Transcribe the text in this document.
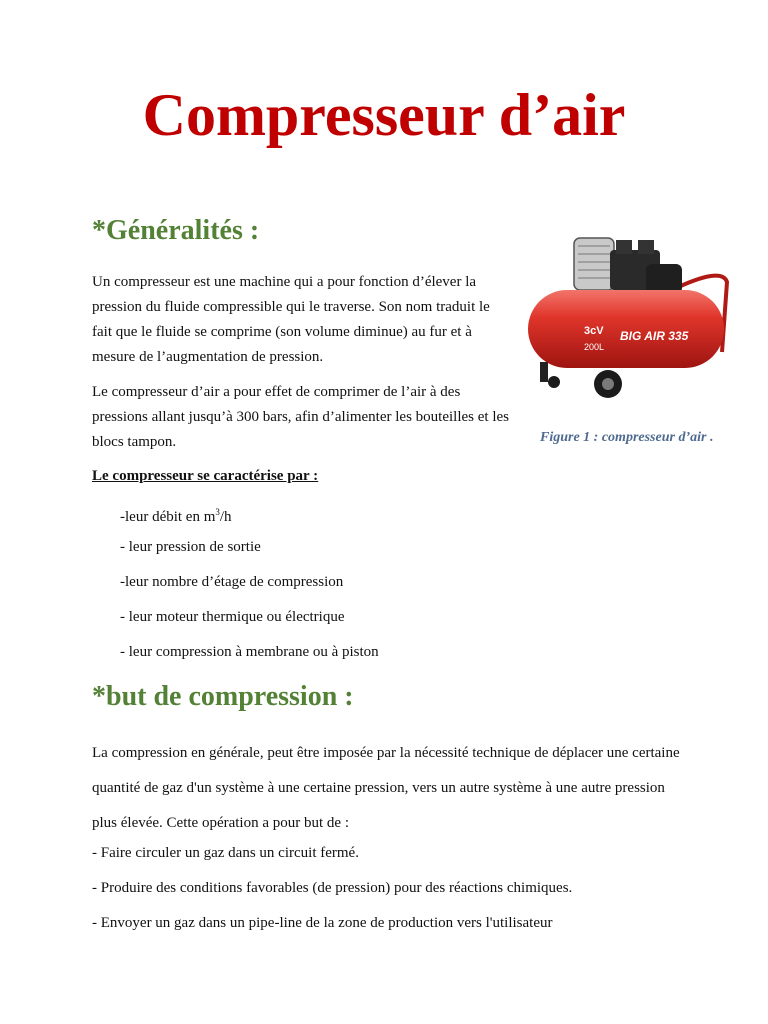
Compresseur d’air
*Généralités :

Un compresseur est une machine qui a pour fonction d’élever la pression du fluide compressible qui le traverse. Son nom traduit le fait que le fluide se comprime (son volume diminue) au fur et à mesure de l’augmentation de pression.

Le compresseur d’air a pour effet de comprimer de l’air à des pressions allant jusqu’à 300 bars, afin d’alimenter les bouteilles et les blocs tampon.

Le compresseur se caractérise par :

-leur débit en $m^3/h$
- leur pression de sortie
-leur nombre d’étage de compression
- leur moteur thermique ou électrique
- leur compression à membrane ou à piston
*but de compression :

La compression en générale, peut être imposée par la nécessité technique de déplacer une certaine quantité de gaz d'un système à une certaine pression, vers un autre système à une autre pression plus élevée. Cette opération a pour but de :

- Faire circuler un gaz dans un circuit fermé.
- Produire des conditions favorables (de pression) pour des réactions chimiques.
- Envoyer un gaz dans un pipe-line de la zone de production vers l'utilisateur
3cV
200L
BIG AIR 335

Figure 1 : compresseur d’air .
